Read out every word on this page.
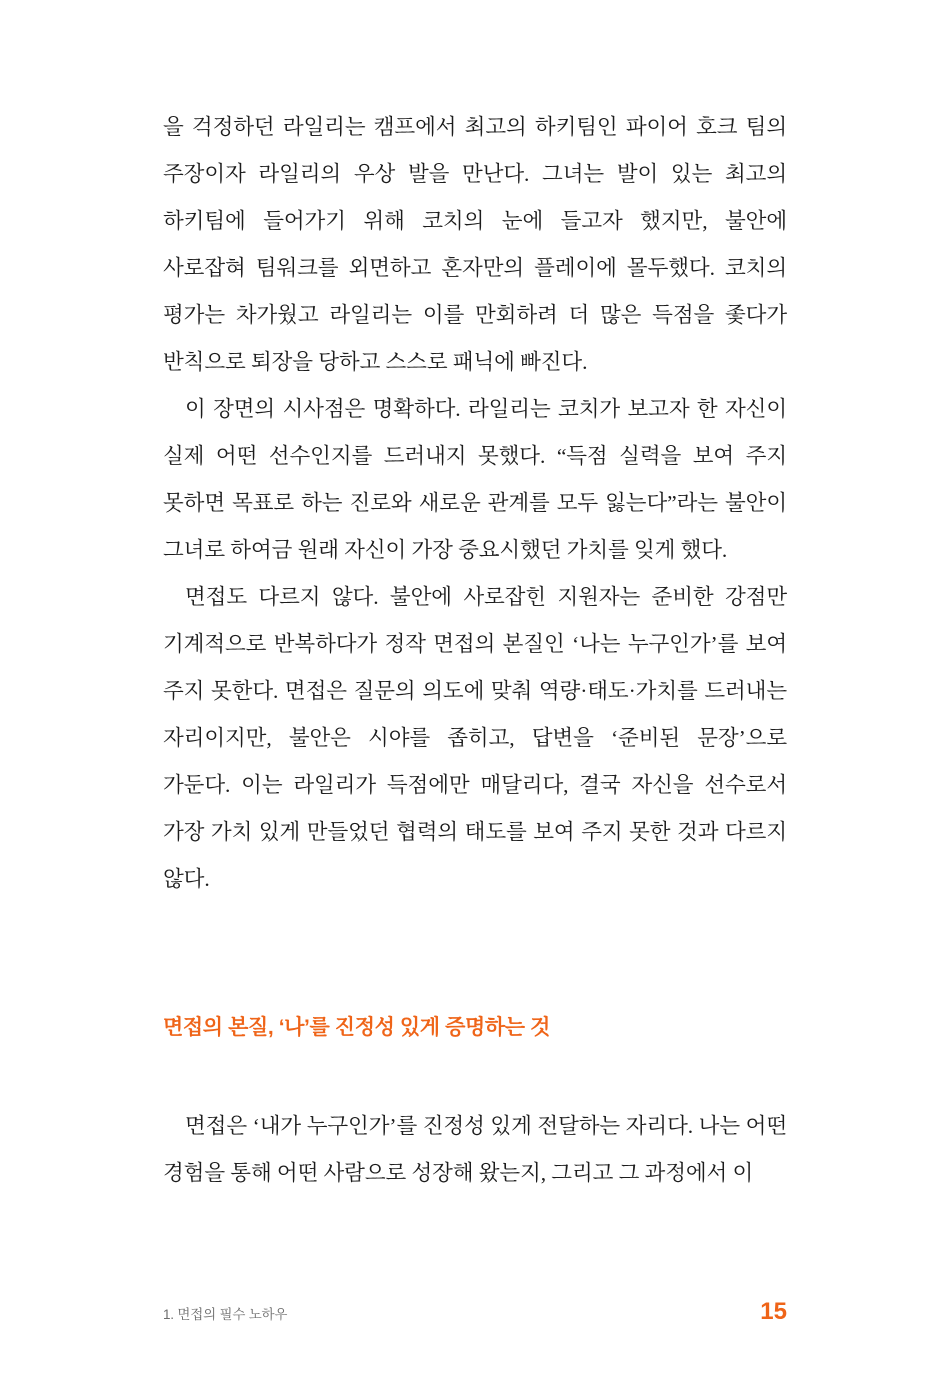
을 걱정하던 라일리는 캠프에서 최고의 하키팀인 파이어 호크 팀의 주장이자 라일리의 우상 발을 만난다. 그녀는 발이 있는 최고의 하키팀에 들어가기 위해 코치의 눈에 들고자 했지만, 불안에 사로잡혀 팀워크를 외면하고 혼자만의 플레이에 몰두했다. 코치의 평가는 차가웠고 라일리는 이를 만회하려 더 많은 득점을 좇다가 반칙으로 퇴장을 당하고 스스로 패닉에 빠진다.

이 장면의 시사점은 명확하다. 라일리는 코치가 보고자 한 자신이 실제 어떤 선수인지를 드러내지 못했다. “득점 실력을 보여 주지 못하면 목표로 하는 진로와 새로운 관계를 모두 잃는다”라는 불안이 그녀로 하여금 원래 자신이 가장 중요시했던 가치를 잊게 했다.

면접도 다르지 않다. 불안에 사로잡힌 지원자는 준비한 강점만 기계적으로 반복하다가 정작 면접의 본질인 ‘나는 누구인가’를 보여 주지 못한다. 면접은 질문의 의도에 맞춰 역량·태도·가치를 드러내는 자리이지만, 불안은 시야를 좁히고, 답변을 ‘준비된 문장’으로 가둔다. 이는 라일리가 득점에만 매달리다, 결국 자신을 선수로서 가장 가치 있게 만들었던 협력의 태도를 보여 주지 못한 것과 다르지 않다.

면접의 본질, ‘나’를 진정성 있게 증명하는 것

면접은 ‘내가 누구인가’를 진정성 있게 전달하는 자리다. 나는 어떤 경험을 통해 어떤 사람으로 성장해 왔는지, 그리고 그 과정에서 이

1. 면접의 필수 노하우	15
